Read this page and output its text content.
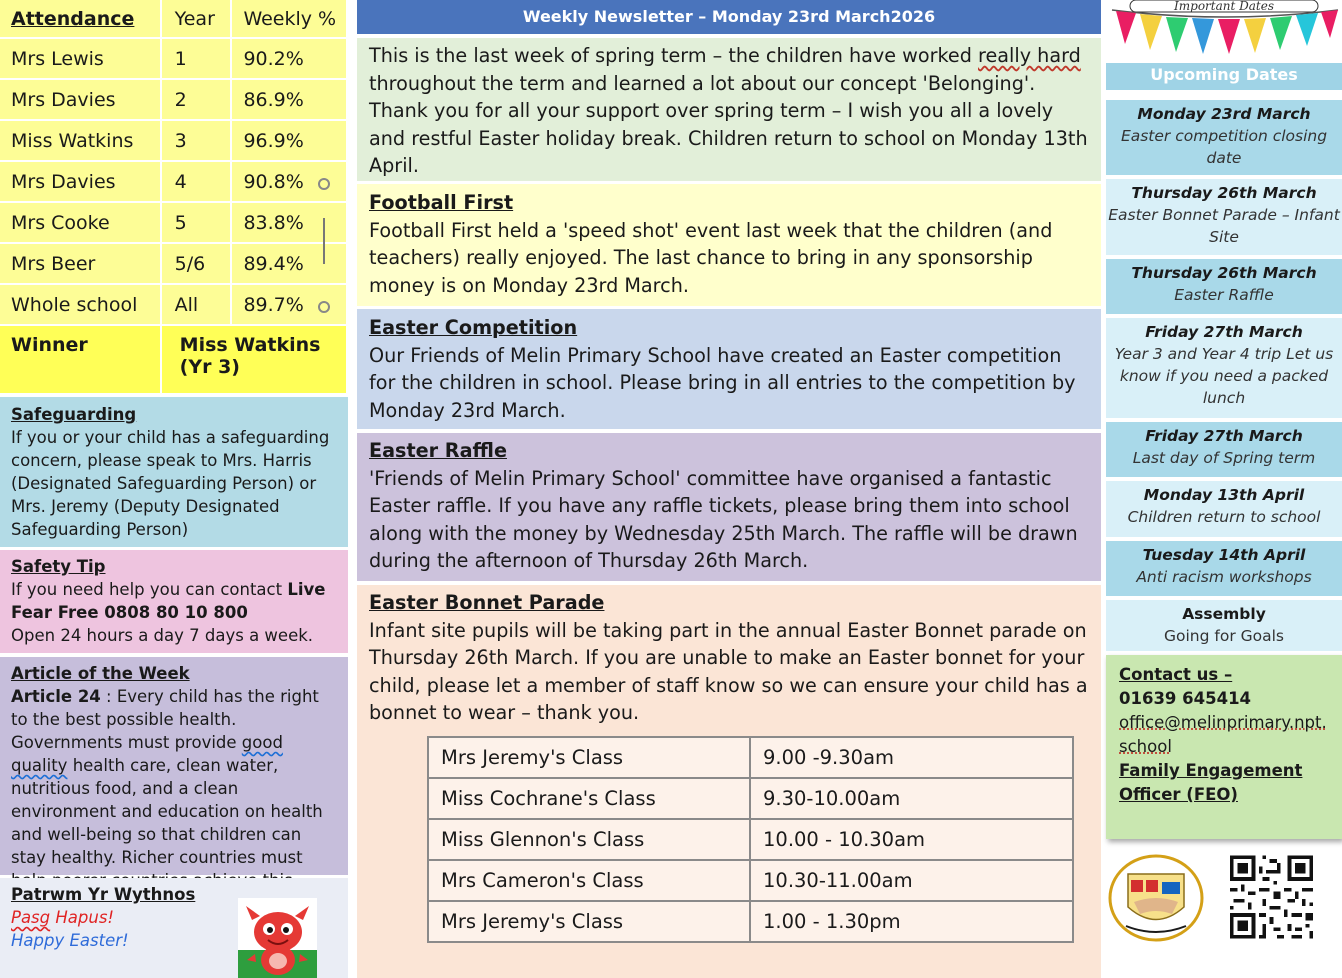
Attendance	Year	Weekly %
Mrs Lewis	1	90.2%
Mrs Davies	2	86.9%
Miss Watkins	3	96.9%
Mrs Davies	4	90.8%

Mrs Cooke	5	83.8%

Mrs Beer	5/6	89.4%

Whole school	All	89.7%

Winner	Miss Watkins
(Yr 3)	
Safeguarding
If you or your child has a safeguarding concern, please speak to Mrs. Harris (Designated Safeguarding Person) or Mrs. Jeremy (Deputy Designated Safeguarding Person)
Safety Tip
If you need help you can contact Live Fear Free 0808 80 10 800
Open 24 hours a day 7 days a week.
Article of the Week
Article 24 : Every child has the right to the best possible health. Governments must provide good quality health care, clean water, nutritious food, and a clean environment and education on health and well-being so that children can stay healthy. Richer countries must
Patrwm Yr Wythnos
Pasg Hapus!
Happy Easter!
Weekly Newsletter – Monday 23rd March2026
This is the last week of spring term – the children have worked really hard throughout the term and learned a lot about our concept 'Belonging'.
Thank you for all your support over spring term – I wish you all a lovely and restful Easter holiday break. Children return to school on Monday 13th April.
Football First
Football First held a 'speed shot' event last week that the children (and teachers) really enjoyed. The last chance to bring in any sponsorship money is on Monday 23rd March.
Easter Competition
Our Friends of Melin Primary School have created an Easter competition for the children in school. Please bring in all entries to the competition by Monday 23rd March.
Easter Raffle
'Friends of Melin Primary School' committee have organised a fantastic Easter raffle. If you have any raffle tickets, please bring them into school along with the money by Wednesday 25th March. The raffle will be drawn during the afternoon of Thursday 26th March.
Easter Bonnet Parade
Infant site pupils will be taking part in the annual Easter Bonnet parade on Thursday 26th March. If you are unable to make an Easter bonnet for your child, please let a member of staff know so we can ensure your child has a bonnet to wear – thank you.
Mrs Jeremy's Class	9.00 -9.30am
Miss Cochrane's Class	9.30-10.00am
Miss Glennon's Class	10.00 - 10.30am
Mrs Cameron's Class	10.30-11.00am
Mrs Jeremy's Class	1.00 - 1.30pm
Important Dates
Upcoming Dates
Monday 23rd March
Easter competition closing date
Thursday 26th March
Easter Bonnet Parade – Infant Site
Thursday 26th March
Easter Raffle
Friday 27th March
Year 3 and Year 4 trip Let us know if you need a packed lunch
Friday 27th March
Last day of Spring term
Monday 13th April
Children return to school
Tuesday 14th April
Anti racism workshops
Assembly
Going for Goals
Contact us –
01639 645414
office@melinprimary.npt.school
Family Engagement Officer (FEO)
